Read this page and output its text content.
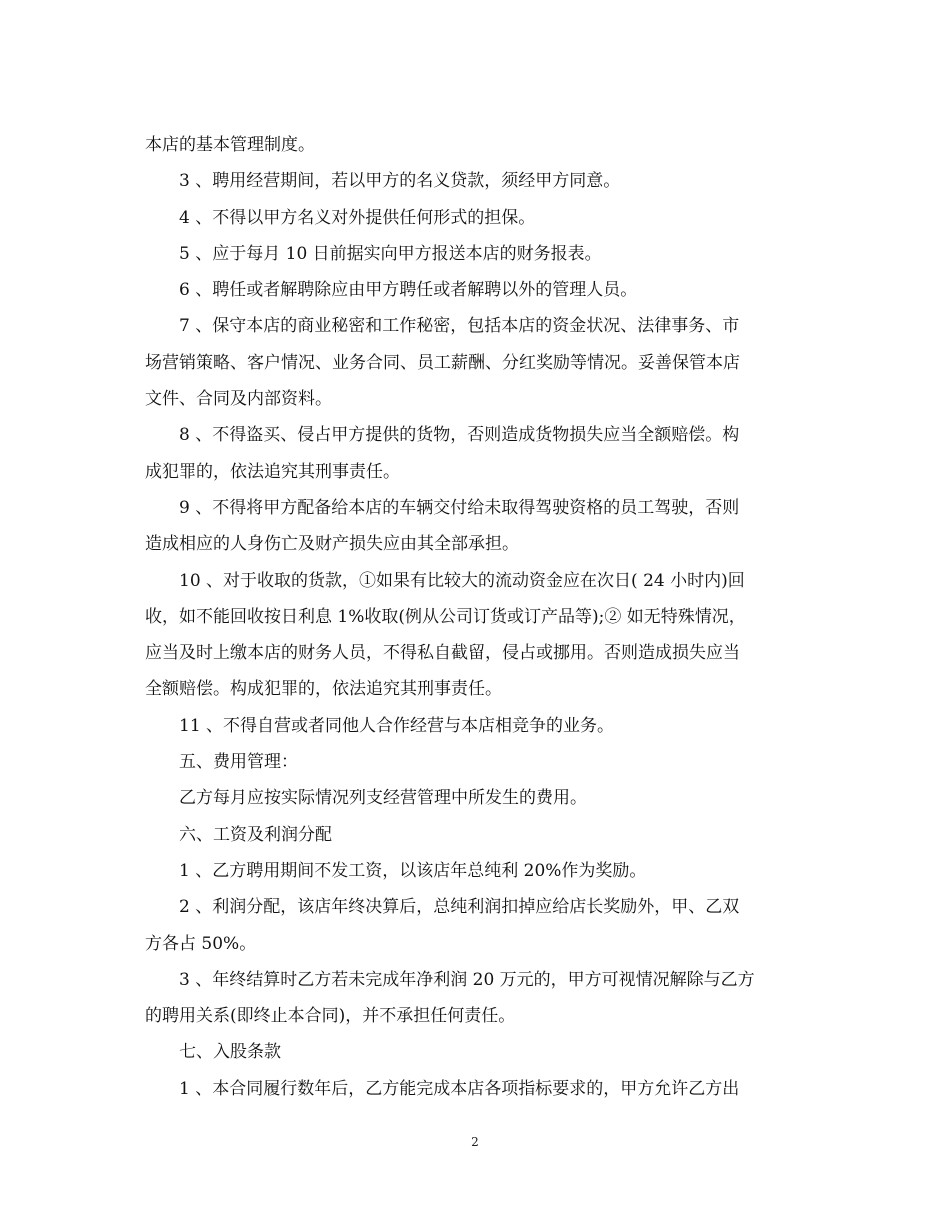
本店的基本管理制度。
3 、聘用经营期间，若以甲方的名义贷款，须经甲方同意。
4 、不得以甲方名义对外提供任何形式的担保。
5 、应于每月 10 日前据实向甲方报送本店的财务报表。
6 、聘任或者解聘除应由甲方聘任或者解聘以外的管理人员。
7 、保守本店的商业秘密和工作秘密，包括本店的资金状况、法律事务、市
场营销策略、客户情况、业务合同、员工薪酬、分红奖励等情况。妥善保管本店
文件、合同及内部资料。
8 、不得盗买、侵占甲方提供的货物，否则造成货物损失应当全额赔偿。构
成犯罪的，依法追究其刑事责任。
9 、不得将甲方配备给本店的车辆交付给未取得驾驶资格的员工驾驶，否则
造成相应的人身伤亡及财产损失应由其全部承担。
10 、对于收取的货款，①如果有比较大的流动资金应在次日( 24 小时内)回
收，如不能回收按日利息 1%收取(例从公司订货或订产品等);② 如无特殊情况，
应当及时上缴本店的财务人员，不得私自截留，侵占或挪用。否则造成损失应当
全额赔偿。构成犯罪的，依法追究其刑事责任。
11 、不得自营或者同他人合作经营与本店相竞争的业务。
五、费用管理：
乙方每月应按实际情况列支经营管理中所发生的费用。
六、工资及利润分配
1 、乙方聘用期间不发工资，以该店年总纯利 20%作为奖励。
2 、利润分配，该店年终决算后，总纯利润扣掉应给店长奖励外，甲、乙双
方各占 50%。
3 、年终结算时乙方若未完成年净利润 20 万元的，甲方可视情况解除与乙方
的聘用关系(即终止本合同)，并不承担任何责任。
七、入股条款
1 、本合同履行数年后，乙方能完成本店各项指标要求的，甲方允许乙方出
2
